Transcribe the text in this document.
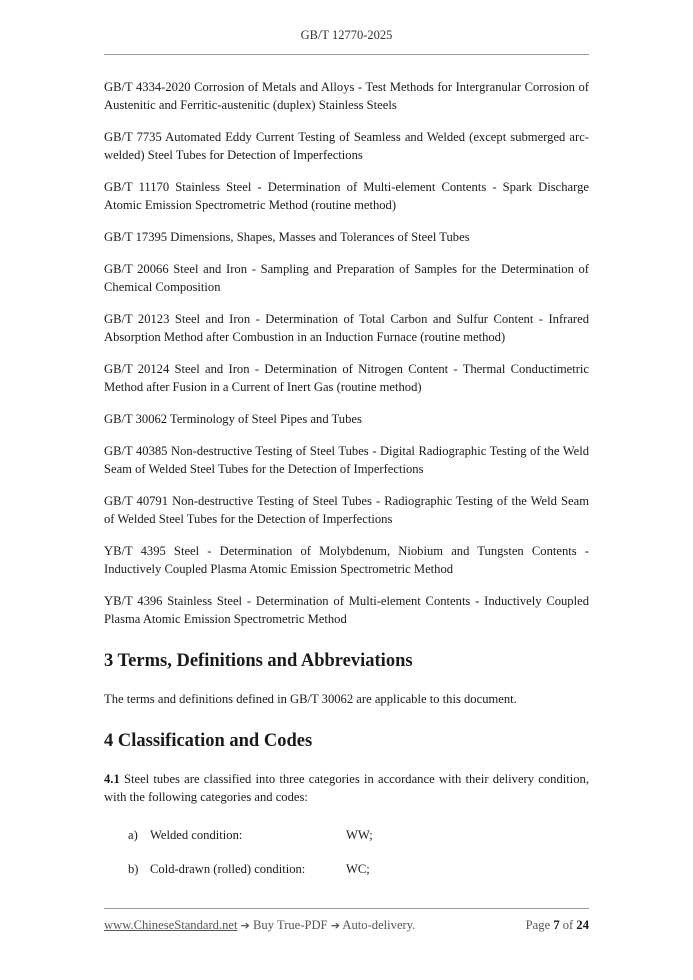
GB/T 12770-2025

GB/T 4334-2020 Corrosion of Metals and Alloys - Test Methods for Intergranular Corrosion of Austenitic and Ferritic-austenitic (duplex) Stainless Steels

GB/T 7735 Automated Eddy Current Testing of Seamless and Welded (except submerged arc-welded) Steel Tubes for Detection of Imperfections

GB/T 11170 Stainless Steel - Determination of Multi-element Contents - Spark Discharge Atomic Emission Spectrometric Method (routine method)

GB/T 17395 Dimensions, Shapes, Masses and Tolerances of Steel Tubes

GB/T 20066 Steel and Iron - Sampling and Preparation of Samples for the Determination of Chemical Composition

GB/T 20123 Steel and Iron - Determination of Total Carbon and Sulfur Content - Infrared Absorption Method after Combustion in an Induction Furnace (routine method)

GB/T 20124 Steel and Iron - Determination of Nitrogen Content - Thermal Conductimetric Method after Fusion in a Current of Inert Gas (routine method)

GB/T 30062 Terminology of Steel Pipes and Tubes

GB/T 40385 Non-destructive Testing of Steel Tubes - Digital Radiographic Testing of the Weld Seam of Welded Steel Tubes for the Detection of Imperfections

GB/T 40791 Non-destructive Testing of Steel Tubes - Radiographic Testing of the Weld Seam of Welded Steel Tubes for the Detection of Imperfections

YB/T 4395 Steel - Determination of Molybdenum, Niobium and Tungsten Contents - Inductively Coupled Plasma Atomic Emission Spectrometric Method

YB/T 4396 Stainless Steel - Determination of Multi-element Contents - Inductively Coupled Plasma Atomic Emission Spectrometric Method

3 Terms, Definitions and Abbreviations

The terms and definitions defined in GB/T 30062 are applicable to this document.

4 Classification and Codes

4.1 Steel tubes are classified into three categories in accordance with their delivery condition, with the following categories and codes:

a) Welded condition:	WW;
b) Cold-drawn (rolled) condition:	WC;
www.ChineseStandard.net ➔ Buy True-PDF ➔ Auto-delivery.	Page 7 of 24
